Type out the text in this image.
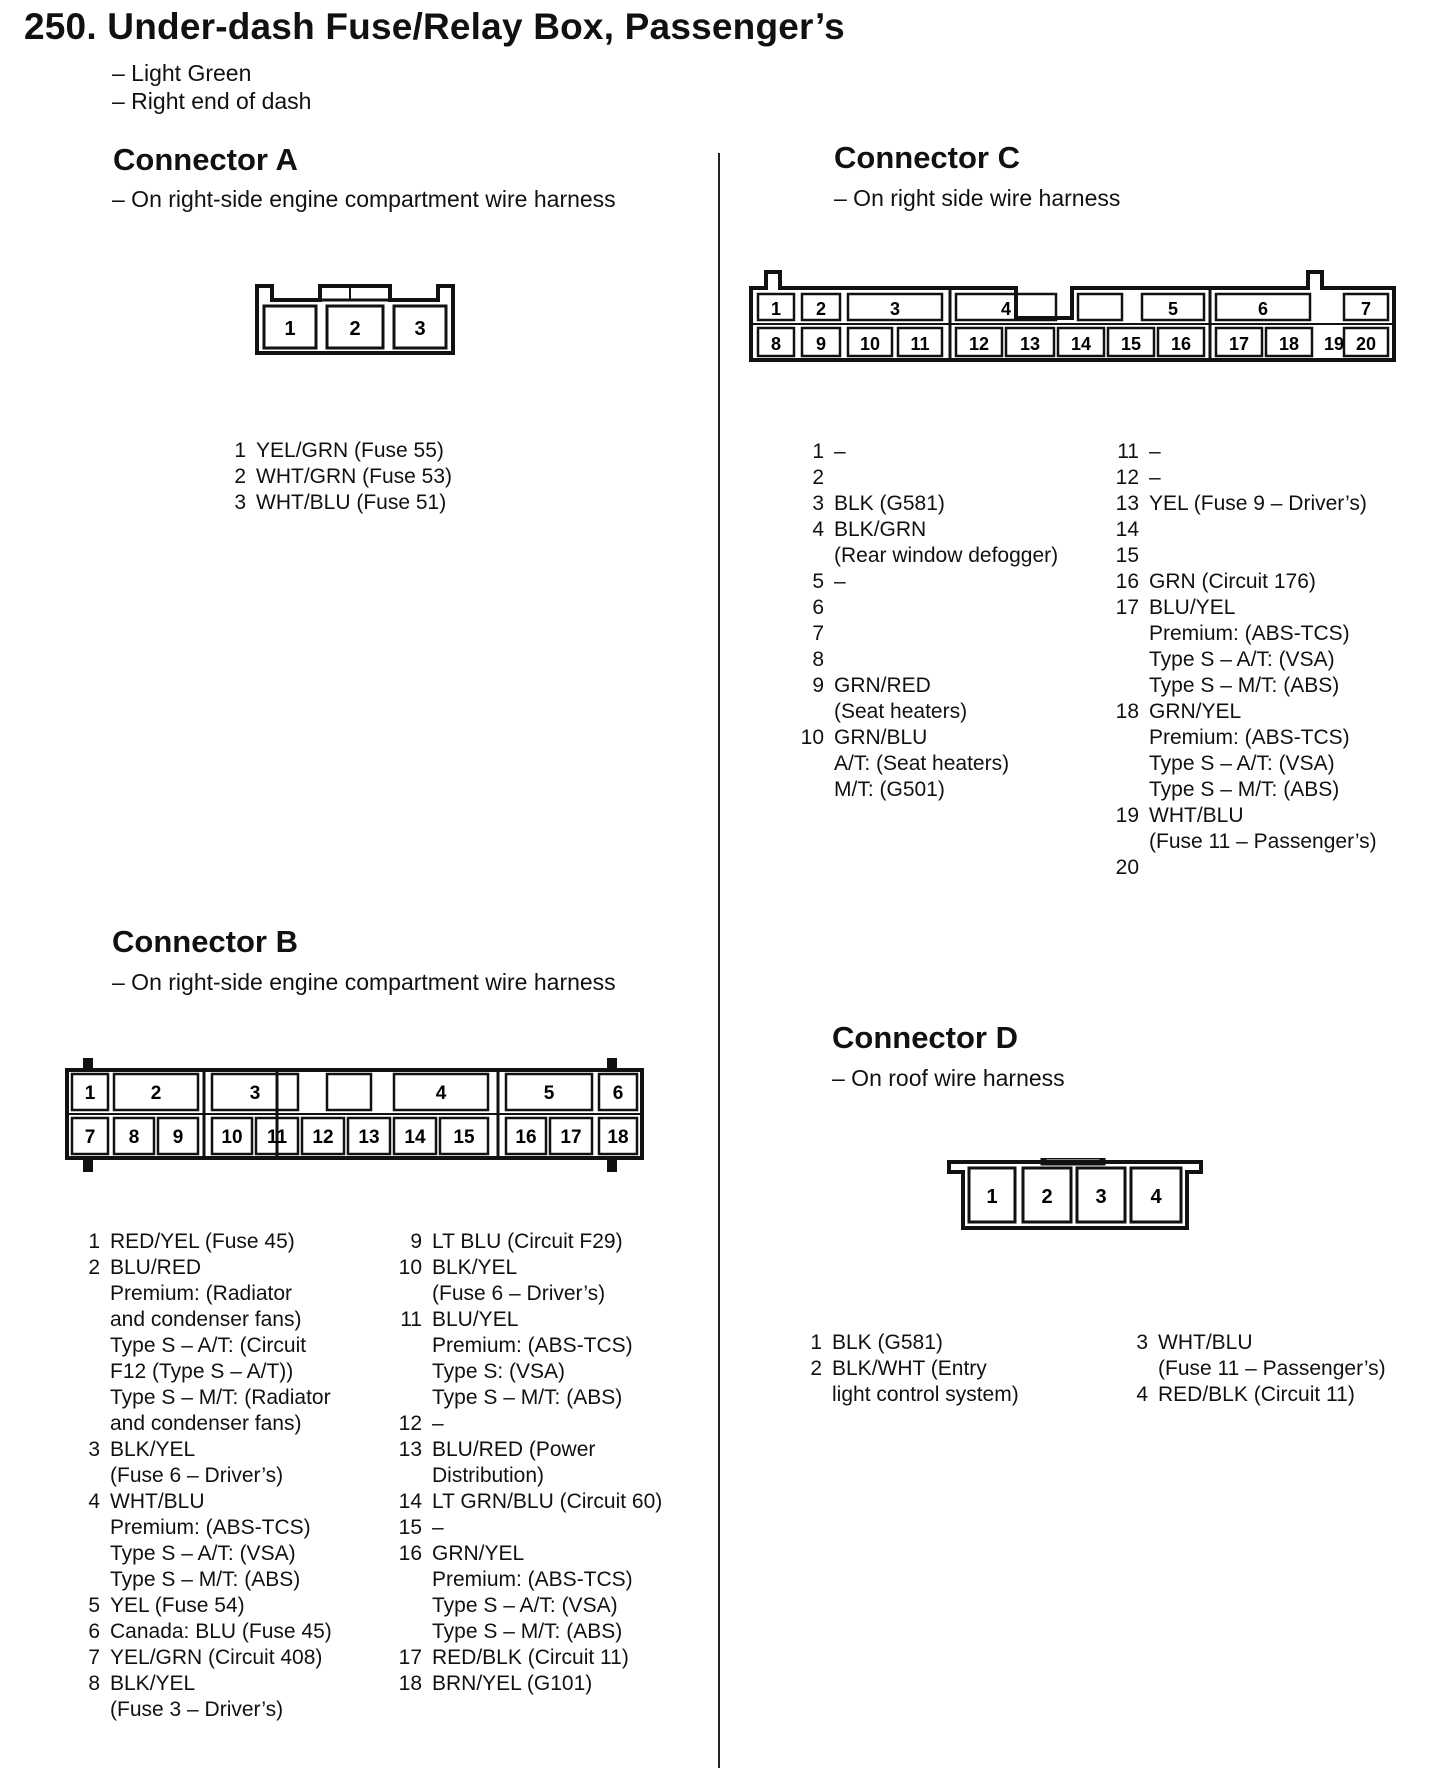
250. Under-dash Fuse/Relay Box, Passenger’s
– Light Green
– Right end of dash
Connector A
– On right-side engine compartment wire harness
1	2	3
1 YEL/GRN (Fuse 55)
2 WHT/GRN (Fuse 53)
3 WHT/BLU (Fuse 51)
Connector C
– On right side wire harness
1 2	3	4	5	6	7
8 9 10 11 12 13 14 15 16 17 18 19 20
1 –
2

3 BLK (G581)
4 BLK/GRN
(Rear window defogger)
5 –
6

7

8

9 GRN/RED
(Seat heaters)
10 GRN/BLU
A/T: (Seat heaters)
M/T: (G501)
11 –
12 –
13 YEL (Fuse 9 – Driver’s)
14

15

16 GRN (Circuit 176)
17 BLU/YEL
Premium: (ABS-TCS)
Type S – A/T: (VSA)
Type S – M/T: (ABS)
18 GRN/YEL
Premium: (ABS-TCS)
Type S – A/T: (VSA)
Type S – M/T: (ABS)
19 WHT/BLU
(Fuse 11 – Passenger’s)
20

Connector B
– On right-side engine compartment wire harness
1	2	3	4	5	6
7 8 9 10 11 12 13 14 15 16 17 18
1 RED/YEL (Fuse 45)
2 BLU/RED
Premium: (Radiator
and condenser fans)
Type S – A/T: (Circuit
F12 (Type S – A/T))
Type S – M/T: (Radiator
and condenser fans)
3 BLK/YEL
(Fuse 6 – Driver’s)
4 WHT/BLU
Premium: (ABS-TCS)
Type S – A/T: (VSA)
Type S – M/T: (ABS)
5 YEL (Fuse 54)
6 Canada: BLU (Fuse 45)
7 YEL/GRN (Circuit 408)
8 BLK/YEL
(Fuse 3 – Driver’s)
9 LT BLU (Circuit F29)
10 BLK/YEL
(Fuse 6 – Driver’s)
11 BLU/YEL
Premium: (ABS-TCS)
Type S: (VSA)
Type S – M/T: (ABS)
12 –
13 BLU/RED (Power
Distribution)
14 LT GRN/BLU (Circuit 60)
15 –
16 GRN/YEL
Premium: (ABS-TCS)
Type S – A/T: (VSA)
Type S – M/T: (ABS)
17 RED/BLK (Circuit 11)
18 BRN/YEL (G101)
Connector D
– On roof wire harness
1 2 3 4
1 BLK (G581)
2 BLK/WHT (Entry
light control system)
3 WHT/BLU
(Fuse 11 – Passenger’s)
4 RED/BLK (Circuit 11)
